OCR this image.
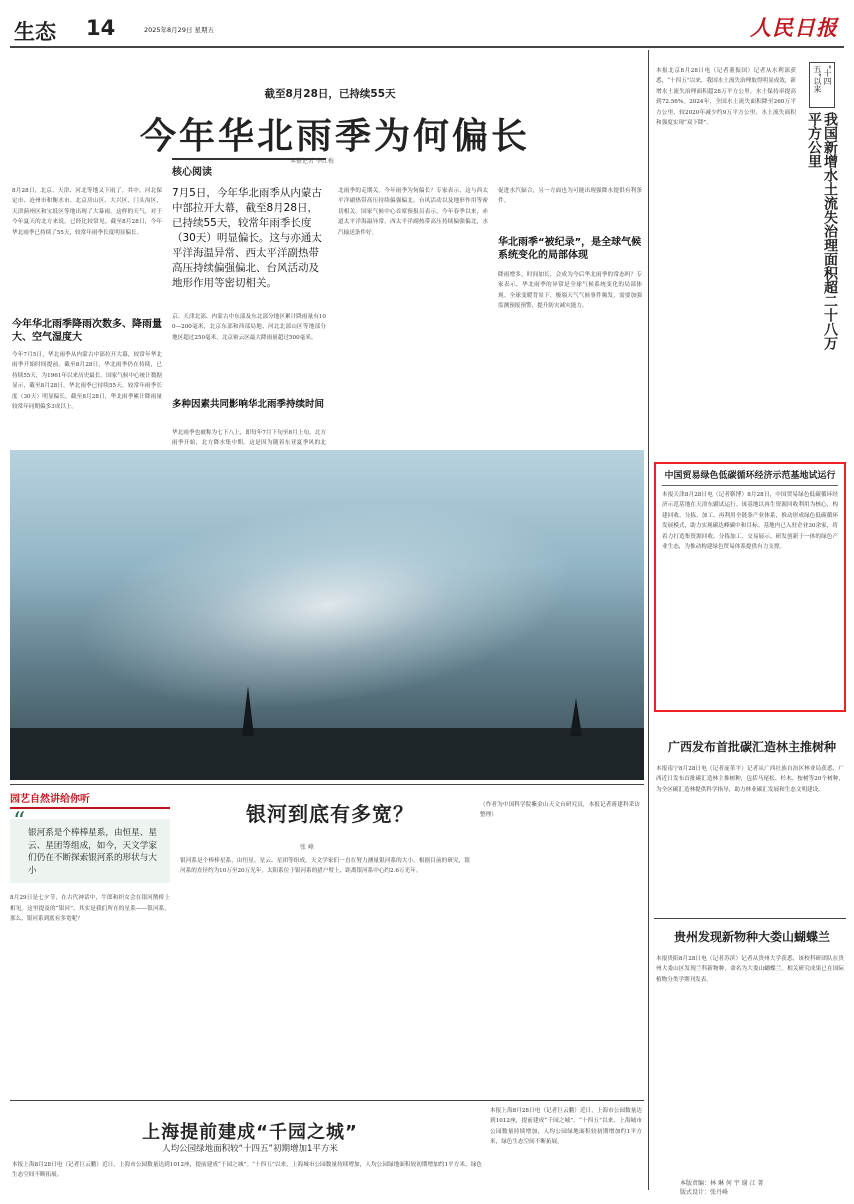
生态 14	2025年8月29日 星期五	人民日报
截至8月28日，已持续55天
今年华北雨季为何偏长
本报记者 李红梅
8月28日，北京、天津、河北等地又下雨了。其中，河北保定市、沧州市和衡水市、北京房山区、大兴区、门头沟区，天津蓟州区和宝坻区等地出现了大暴雨。这样的天气，对于今年夏天的北方来说，已经比较常见。截至8月28日，今年华北雨季已持续了55天，较常年雨季长度明显偏长。
今年华北雨季降雨次数多、降雨量大、空气湿度大
今年7月5日，华北雨季从内蒙古中部拉开大幕，较常年华北雨季开始时间提前。截至8月28日，华北雨季仍在持续，已持续55天，为1961年以来历史最长。国家气候中心统计数据显示，截至8月28日，华北雨季已持续55天，较常年雨季长度（30天）明显偏长。截至8月28日，华北雨季累计降雨量较常年同期偏多3成以上。
核心阅读
7月5日，今年华北雨季从内蒙古中部拉开大幕，截至8月28日，已持续55天，较常年雨季长度（30天）明显偏长。这与亦通太平洋海温异常、西太平洋副热带高压持续偏强偏北、台风活动及地形作用等密切相关。
京、天津北部、内蒙古中东部及东北部分地区累计降雨量有100—200毫米，北京东部和西部局地、河北北部山区等地部分地区超过250毫米，北京密云区最大降雨量超过500毫米。
多种因素共同影响华北雨季持续时间
华北雨季也被称为七下八上，即每年7月下旬至8月上旬，北方雨季开始，北方降水集中期。这是因为随着东亚夏季风的北
北雨季的走期关。今年雨季为何偏长？专家表示，这与西太平洋副热带高压持续偏强偏北，台风活动以及地形作用等密切相关。国家气候中心首席预报员表示，今年春季以来，赤道太平洋海温异常，西太平洋副热带高压持续偏强偏北，水汽输送条件好。
促进水汽辐合，另一方面也为可能出现强降水提供有利条件。
华北雨季“被纪录”，是全球气候系统变化的局部体现
降雨增多，时间加长，会成为今后华北雨季的常态吗？专家表示，华北雨季的异常是全球气候系统变化的局部体现。全球变暖背景下，极端天气气候事件频发，需要加强监测预报预警，提升防灾减灾能力。
本报北京8月28日电（记者董振国）记者从水利部获悉，“十四五”以来，我国水土流失治理取得明显成效，新增水土流失治理面积超28万平方公里，水土保持率提高到72.56%。2024年，全国水土流失面积降至260万平方公里，较2020年减少约9万平方公里，水土流失面积和强度实现“双下降”。
“十四五”以来
我国新增水土流失治理面积超二十八万平方公里
中国贸易绿色低碳循环经济示范基地试运行
本报天津8月28日电（记者靳博）8月28日，中国贸易绿色低碳循环经济示范基地在天津东疆试运行。该基地以再生资源回收利用为核心，构建回收、分拣、加工、再利用全链条产业体系，推动形成绿色低碳循环发展模式，助力实现碳达峰碳中和目标。基地内已入驻企业30余家，将着力打造集资源回收、分拣加工、交易展示、研发创新于一体的绿色产业生态，为推动构建绿色贸易体系提供有力支撑。
广西发布首批碳汇造林主推树种
本报南宁8月28日电（记者庞革平）记者从广西壮族自治区林业局获悉，广西近日发布首批碳汇造林主推树种，包括马尾松、杉木、桉树等20个树种，为全区碳汇造林提供科学指导，助力林业碳汇发展和生态文明建设。
贵州发现新物种大娄山蝴蝶兰
本报贵阳8月28日电（记者苏滨）记者从贵州大学获悉，该校科研团队在贵州大娄山区发现兰科新物种，命名为大娄山蝴蝶兰。相关研究成果已在国际植物分类学期刊发表。
园艺自然讲给你听
“ 银河系是个棒棒星系，由恒星、星云、星团等组成，如今，天文学家们仍在不断探索银河系的形状与大小
8月29日是七夕节，在古代神话中，牛郎和织女会在银河鹊桥上相见。这里提及的“银河”，其实是我们所在的星系——银河系。那么，银河系到底有多宽呢？
银河到底有多宽？
张 峰
银河系是个棒棒星系，由恒星、星云、星团等组成。天文学家们一直在努力测量银河系的大小。根据目前的研究，银河系的直径约为10万至20万光年，太阳系位于银河系的猎户臂上，距离银河系中心约2.6万光年。
（作者为中国科学院紫金山天文台研究员，本报记者蒋建科采访整理）
上海提前建成“千园之城”
人均公园绿地面积较“十四五”初期增加1平方米
本报上海8月28日电（记者巨云鹏）近日，上海市公园数量达到1012座，提前建成“千园之城”。“十四五”以来，上海城市公园数量持续增加，人均公园绿地面积较初期增加约1平方米，绿色生态空间不断拓展。
本报上海8月28日电（记者巨云鹏）近日，上海市公园数量达到1012座，提前建成“千园之城”。“十四五”以来，上海城市公园数量持续增加，人均公园绿地面积较初期增加约1平方米，绿色生态空间不断拓展。
本版责编：林 琳 何 宇 谢 江 菁
版式设计：张丹峰
